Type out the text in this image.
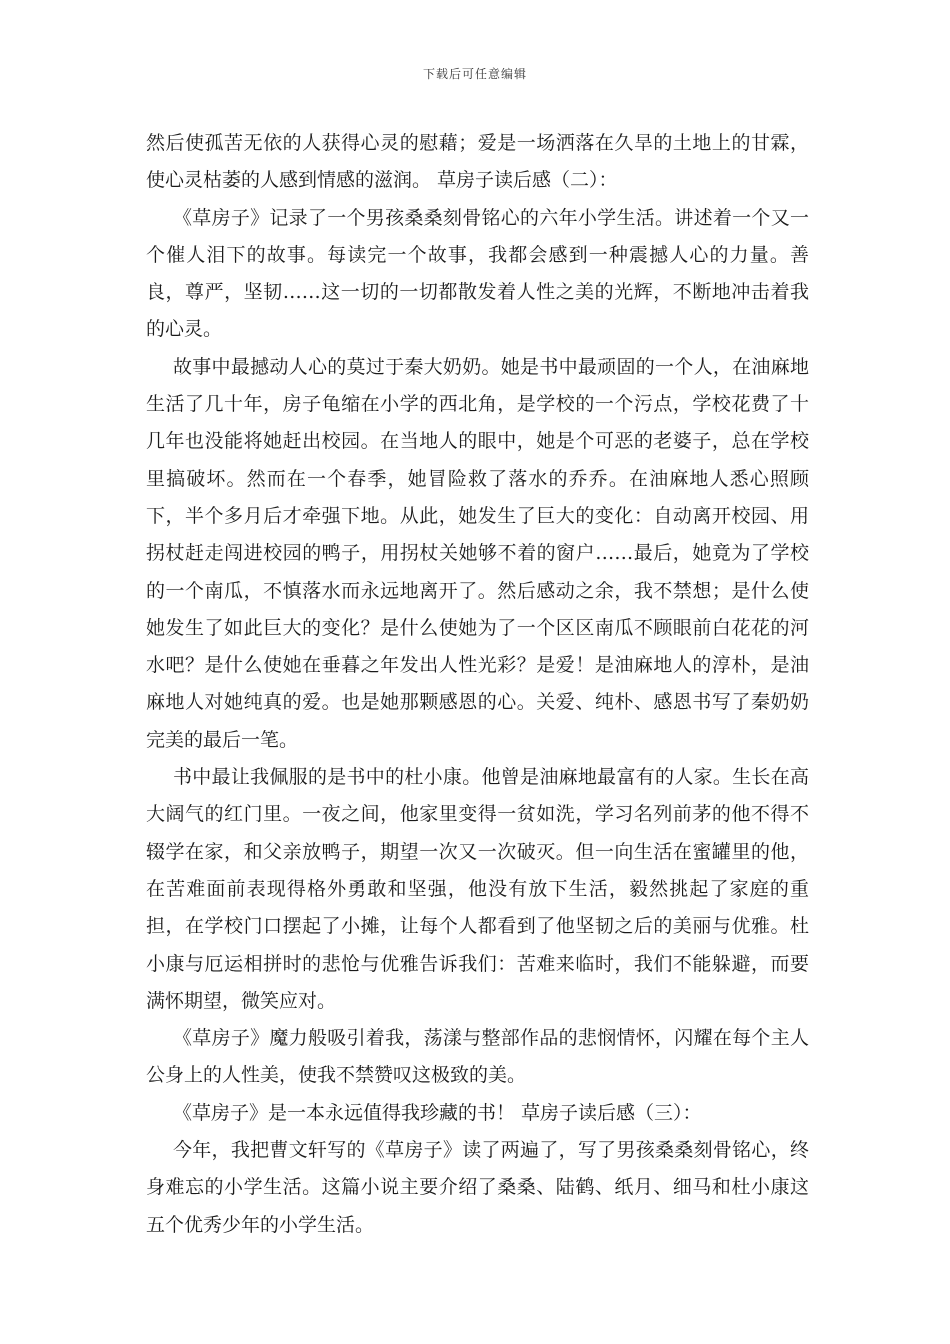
下载后可任意编辑

然后使孤苦无依的人获得心灵的慰藉；爱是一场洒落在久旱的土地上的甘霖，使心灵枯萎的人感到情感的滋润。 草房子读后感（二）：

《草房子》记录了一个男孩桑桑刻骨铭心的六年小学生活。讲述着一个又一个催人泪下的故事。每读完一个故事，我都会感到一种震撼人心的力量。善良，尊严，坚韧……这一切的一切都散发着人性之美的光辉，不断地冲击着我的心灵。

故事中最撼动人心的莫过于秦大奶奶。她是书中最顽固的一个人，在油麻地生活了几十年，房子龟缩在小学的西北角，是学校的一个污点，学校花费了十几年也没能将她赶出校园。在当地人的眼中，她是个可恶的老婆子，总在学校里搞破坏。然而在一个春季，她冒险救了落水的乔乔。在油麻地人悉心照顾下，半个多月后才牵强下地。从此，她发生了巨大的变化：自动离开校园、用拐杖赶走闯进校园的鸭子，用拐杖关她够不着的窗户……最后，她竟为了学校的一个南瓜，不慎落水而永远地离开了。然后感动之余，我不禁想；是什么使她发生了如此巨大的变化？是什么使她为了一个区区南瓜不顾眼前白花花的河水吧？是什么使她在垂暮之年发出人性光彩？是爱！是油麻地人的淳朴，是油麻地人对她纯真的爱。也是她那颗感恩的心。关爱、纯朴、感恩书写了秦奶奶完美的最后一笔。

书中最让我佩服的是书中的杜小康。他曾是油麻地最富有的人家。生长在高大阔气的红门里。一夜之间，他家里变得一贫如洗，学习名列前茅的他不得不辍学在家，和父亲放鸭子，期望一次又一次破灭。但一向生活在蜜罐里的他，在苦难面前表现得格外勇敢和坚强，他没有放下生活，毅然挑起了家庭的重担，在学校门口摆起了小摊，让每个人都看到了他坚韧之后的美丽与优雅。杜小康与厄运相拼时的悲怆与优雅告诉我们：苦难来临时，我们不能躲避，而要满怀期望，微笑应对。

《草房子》魔力般吸引着我，荡漾与整部作品的悲悯情怀，闪耀在每个主人公身上的人性美，使我不禁赞叹这极致的美。

《草房子》是一本永远值得我珍藏的书！ 草房子读后感（三）：

今年，我把曹文轩写的《草房子》读了两遍了，写了男孩桑桑刻骨铭心，终身难忘的小学生活。这篇小说主要介绍了桑桑、陆鹤、纸月、细马和杜小康这五个优秀少年的小学生活。
